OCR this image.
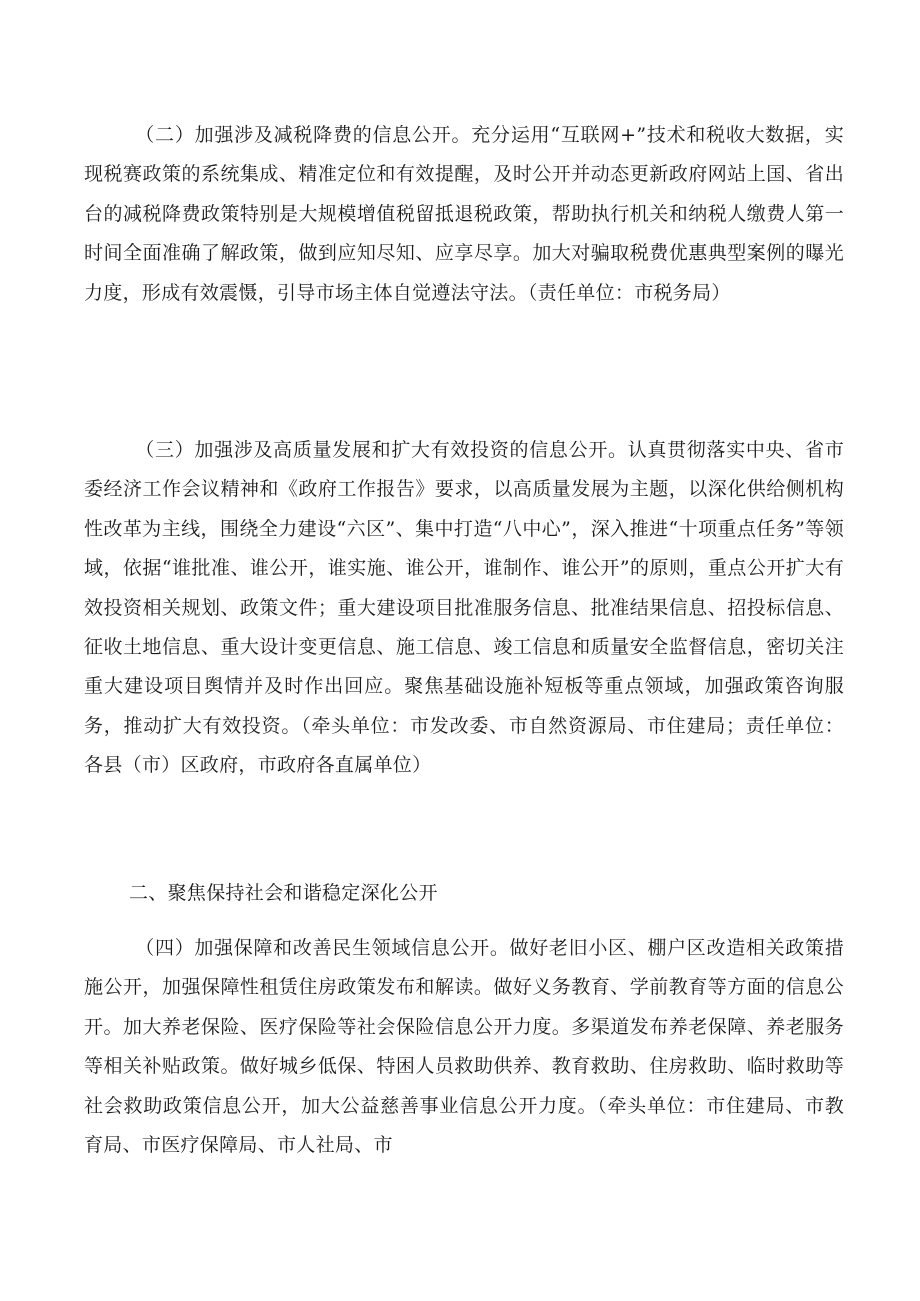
（二）加强涉及减税降费的信息公开。充分运用“互联网+”技术和税收大数据，实现税赛政策的系统集成、精准定位和有效提醒，及时公开并动态更新政府网站上国、省出台的减税降费政策特别是大规模增值税留抵退税政策，帮助执行机关和纳税人缴费人第一时间全面准确了解政策，做到应知尽知、应享尽享。加大对骗取税费优惠典型案例的曝光力度，形成有效震慑，引导市场主体自觉遵法守法。（责任单位：市税务局）

（三）加强涉及高质量发展和扩大有效投资的信息公开。认真贯彻落实中央、省市委经济工作会议精神和《政府工作报告》要求，以高质量发展为主题，以深化供给侧机构性改革为主线，围绕全力建设“六区”、集中打造“八中心”，深入推进“十项重点任务”等领域，依据“谁批准、谁公开，谁实施、谁公开，谁制作、谁公开”的原则，重点公开扩大有效投资相关规划、政策文件；重大建设项目批准服务信息、批准结果信息、招投标信息、征收土地信息、重大设计变更信息、施工信息、竣工信息和质量安全监督信息，密切关注重大建设项目舆情并及时作出回应。聚焦基础设施补短板等重点领域，加强政策咨询服务，推动扩大有效投资。（牵头单位：市发改委、市自然资源局、市住建局；责任单位：各县（市）区政府，市政府各直属单位）

二、聚焦保持社会和谐稳定深化公开

（四）加强保障和改善民生领域信息公开。做好老旧小区、棚户区改造相关政策措施公开，加强保障性租赁住房政策发布和解读。做好义务教育、学前教育等方面的信息公开。加大养老保险、医疗保险等社会保险信息公开力度。多渠道发布养老保障、养老服务等相关补贴政策。做好城乡低保、特困人员救助供养、教育救助、住房救助、临时救助等社会救助政策信息公开，加大公益慈善事业信息公开力度。（牵头单位：市住建局、市教育局、市医疗保障局、市人社局、市
